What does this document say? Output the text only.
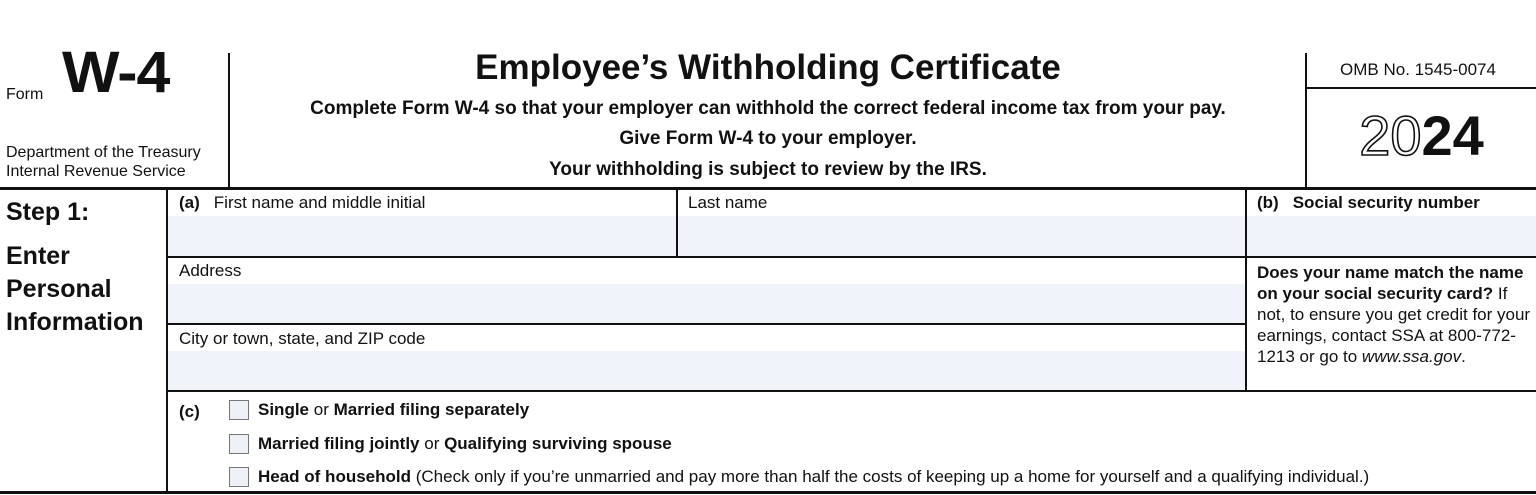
Form W-4
Department of the Treasury
Internal Revenue Service
Employee’s Withholding Certificate
Complete Form W-4 so that your employer can withhold the correct federal income tax from your pay.
Give Form W-4 to your employer.
Your withholding is subject to review by the IRS.
OMB No. 1545-0074
2024
Step 1:
Enter
Personal
Information
(a) First name and middle initial	Last name	(b) Social security number
Address
City or town, state, and ZIP code
Does your name match the name on your social security card? If not, to ensure you get credit for your earnings, contact SSA at 800-772-1213 or go to www.ssa.gov.
(c)	Single or Married filing separately
Married filing jointly or Qualifying surviving spouse
Head of household (Check only if you’re unmarried and pay more than half the costs of keeping up a home for yourself and a qualifying individual.)
